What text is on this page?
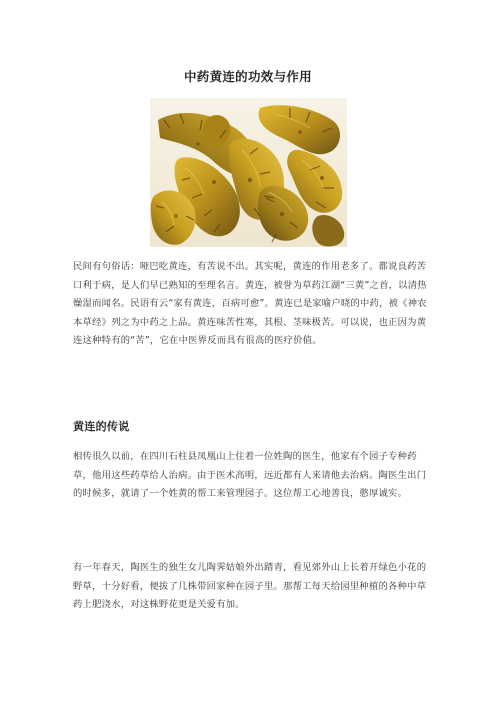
中药黄连的功效与作用

民间有句俗话：哑巴吃黄连，有苦说不出。其实呢，黄连的作用老多了。都说良药苦口利于病，是人们早已熟知的至理名言。黄连，被誉为草药江湖“三黄”之首，以清热燥湿而闻名。民语有云“家有黄连，百病可愈”。黄连已是家喻户晓的中药，被《神农本草经》列之为中药之上品。黄连味苦性寒，其根、茎味极苦。可以说，也正因为黄连这种特有的“苦”，它在中医界反而具有很高的医疗价值。

黄连的传说

相传很久以前，在四川石柱县凤凰山上住着一位姓陶的医生，他家有个园子专种药草，他用这些药草给人治病。由于医术高明，远近都有人来请他去治病。陶医生出门的时候多，就请了一个姓黄的帮工来管理园子。这位帮工心地善良，憨厚诚实。

有一年春天，陶医生的独生女儿陶霁姑娘外出踏青，看见郊外山上长着开绿色小花的野草，十分好看，便拔了几株带回家种在园子里。那帮工每天给园里种植的各种中草药上肥浇水，对这株野花更是关爱有加。
